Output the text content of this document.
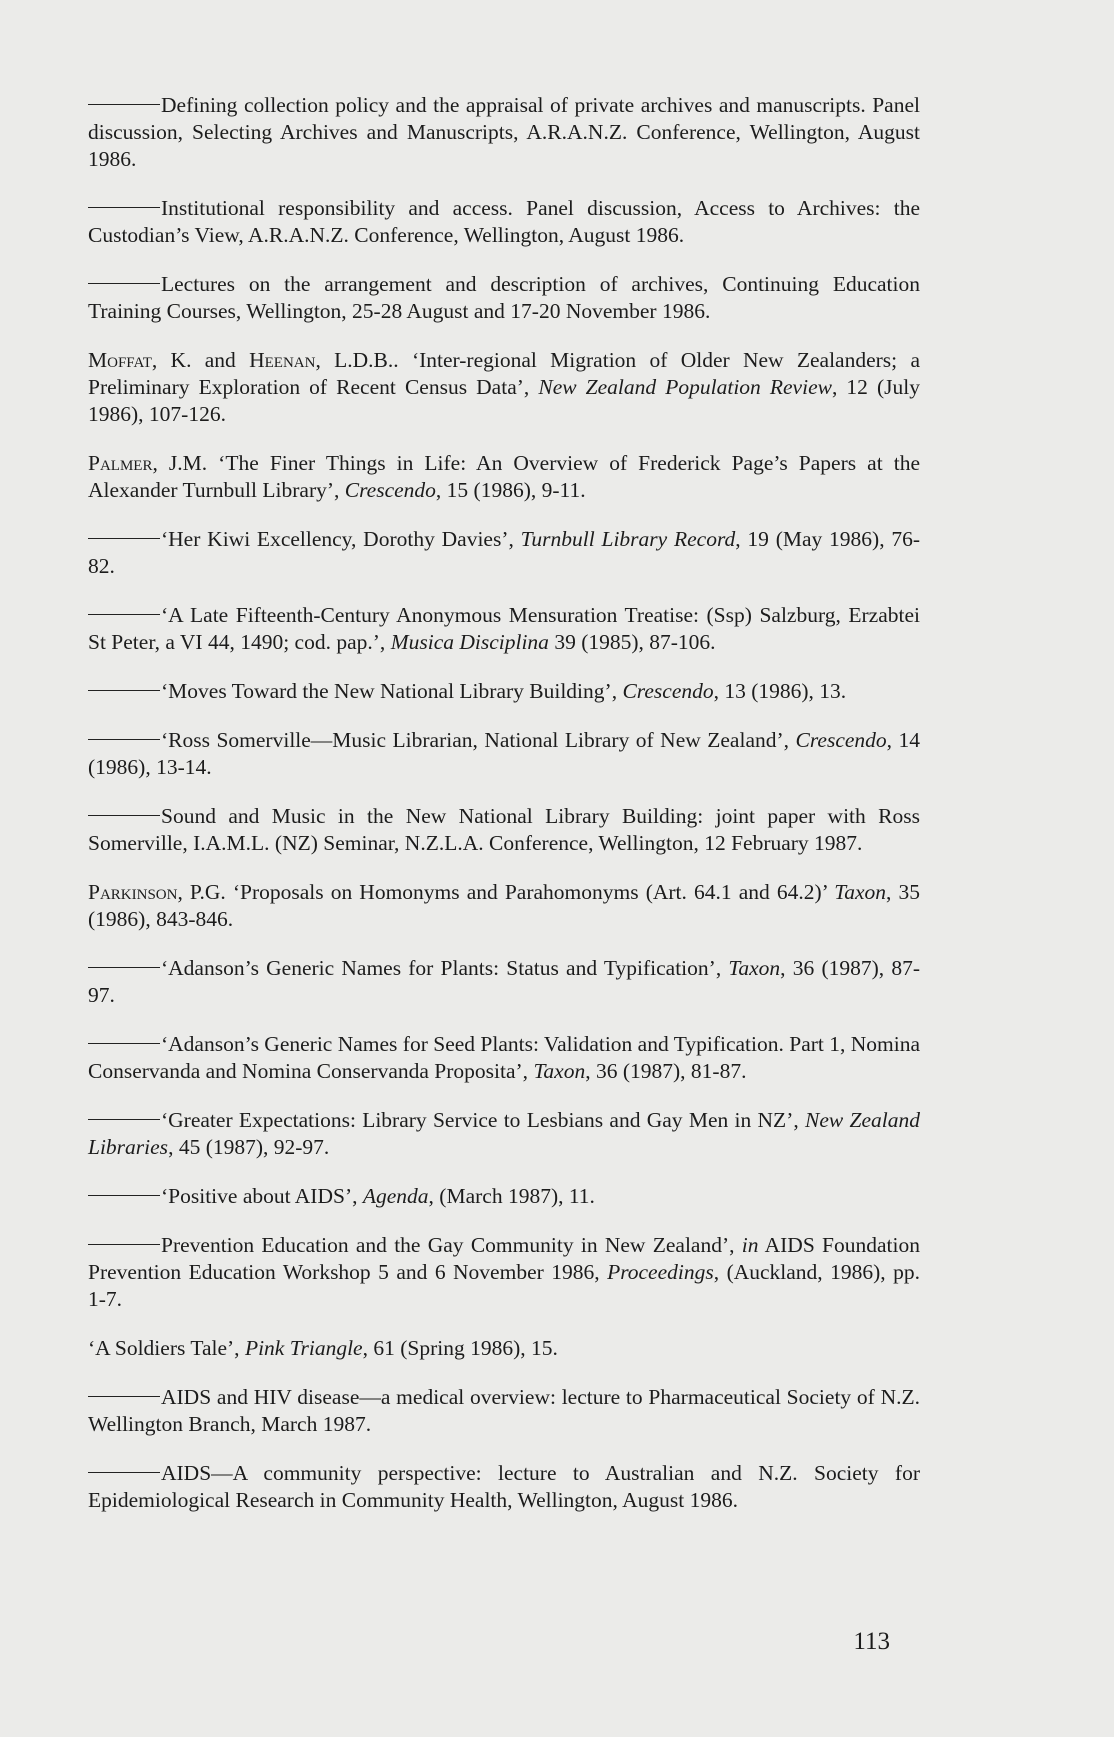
Defining collection policy and the appraisal of private archives and manuscripts. Panel discussion, Selecting Archives and Manuscripts, A.R.A.N.Z. Conference, Wellington, August 1986.

Institutional responsibility and access. Panel discussion, Access to Archives: the Custodian’s View, A.R.A.N.Z. Conference, Wellington, August 1986.

Lectures on the arrangement and description of archives, Continuing Education Training Courses, Wellington, 25-28 August and 17-20 November 1986.

Moffat, K. and Heenan, L.D.B.. ‘Inter-regional Migration of Older New Zealanders; a Preliminary Exploration of Recent Census Data’, New Zealand Population Review, 12 (July 1986), 107-126.

Palmer, J.M. ‘The Finer Things in Life: An Overview of Frederick Page’s Papers at the Alexander Turnbull Library’, Crescendo, 15 (1986), 9-11.

‘Her Kiwi Excellency, Dorothy Davies’, Turnbull Library Record, 19 (May 1986), 76-82.

‘A Late Fifteenth-Century Anonymous Mensuration Treatise: (Ssp) Salzburg, Erzabtei St Peter, a VI 44, 1490; cod. pap.’, Musica Disciplina 39 (1985), 87-106.

‘Moves Toward the New National Library Building’, Crescendo, 13 (1986), 13.

‘Ross Somerville—Music Librarian, National Library of New Zealand’, Crescendo, 14 (1986), 13-14.

Sound and Music in the New National Library Building: joint paper with Ross Somerville, I.A.M.L. (NZ) Seminar, N.Z.L.A. Conference, Wellington, 12 February 1987.

Parkinson, P.G. ‘Proposals on Homonyms and Parahomonyms (Art. 64.1 and 64.2)’ Taxon, 35 (1986), 843-846.

‘Adanson’s Generic Names for Plants: Status and Typification’, Taxon, 36 (1987), 87-97.

‘Adanson’s Generic Names for Seed Plants: Validation and Typification. Part 1, Nomina Conservanda and Nomina Conservanda Proposita’, Taxon, 36 (1987), 81-87.

‘Greater Expectations: Library Service to Lesbians and Gay Men in NZ’, New Zealand Libraries, 45 (1987), 92-97.

‘Positive about AIDS’, Agenda, (March 1987), 11.

Prevention Education and the Gay Community in New Zealand’, in AIDS Foundation Prevention Education Workshop 5 and 6 November 1986, Proceedings, (Auckland, 1986), pp. 1-7.

‘A Soldiers Tale’, Pink Triangle, 61 (Spring 1986), 15.

AIDS and HIV disease—a medical overview: lecture to Pharmaceutical Society of N.Z. Wellington Branch, March 1987.

AIDS—A community perspective: lecture to Australian and N.Z. Society for Epidemiological Research in Community Health, Wellington, August 1986.

113
